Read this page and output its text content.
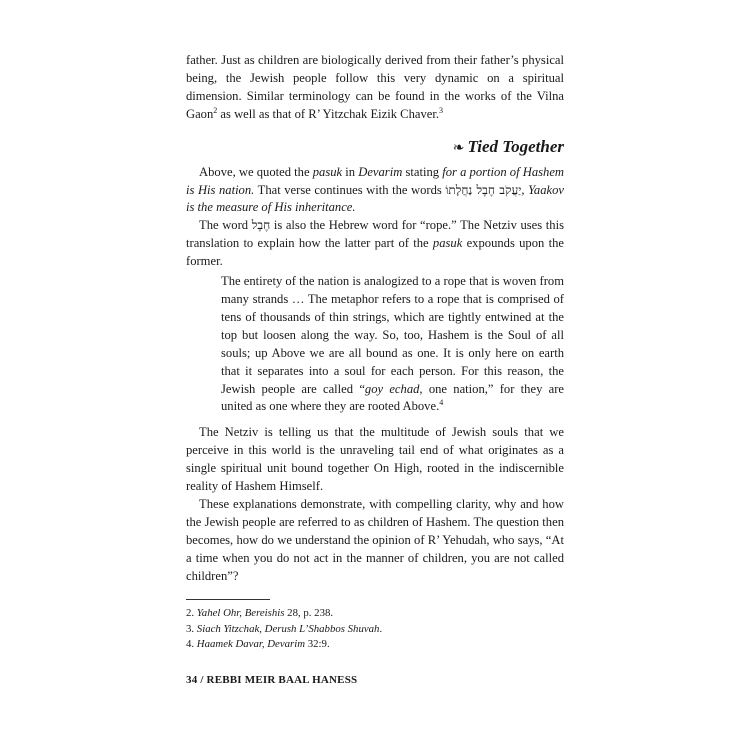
father. Just as children are biologically derived from their father’s physical being, the Jewish people follow this very dynamic on a spiritual dimension. Similar terminology can be found in the works of the Vilna Gaon$^2$ as well as that of R’ Yitzchak Eizik Chaver.$^3$

❧ Tied Together

Above, we quoted the pasuk in Devarim stating for a portion of Hashem is His nation. That verse continues with the words יַעֲקֹב חֶבֶל נַחֲלָתוֹ, Yaakov is the measure of His inheritance.

The word חֶבֶל is also the Hebrew word for “rope.” The Netziv uses this translation to explain how the latter part of the pasuk expounds upon the former.

The entirety of the nation is analogized to a rope that is woven from many strands … The metaphor refers to a rope that is comprised of tens of thousands of thin strings, which are tightly entwined at the top but loosen along the way. So, too, Hashem is the Soul of all souls; up Above we are all bound as one. It is only here on earth that it separates into a soul for each person. For this reason, the Jewish people are called “goy echad, one nation,” for they are united as one where they are rooted Above.$^4$

The Netziv is telling us that the multitude of Jewish souls that we perceive in this world is the unraveling tail end of what originates as a single spiritual unit bound together On High, rooted in the indiscernible reality of Hashem Himself.

These explanations demonstrate, with compelling clarity, why and how the Jewish people are referred to as children of Hashem. The question then becomes, how do we understand the opinion of R’ Yehudah, who says, “At a time when you do not act in the manner of children, you are not called children”?

2. Yahel Ohr, Bereishis 28, p. 238.

3. Siach Yitzchak, Derush L’Shabbos Shuvah.

4. Haamek Davar, Devarim 32:9.

34 / REBBI MEIR BAAL HANESS
